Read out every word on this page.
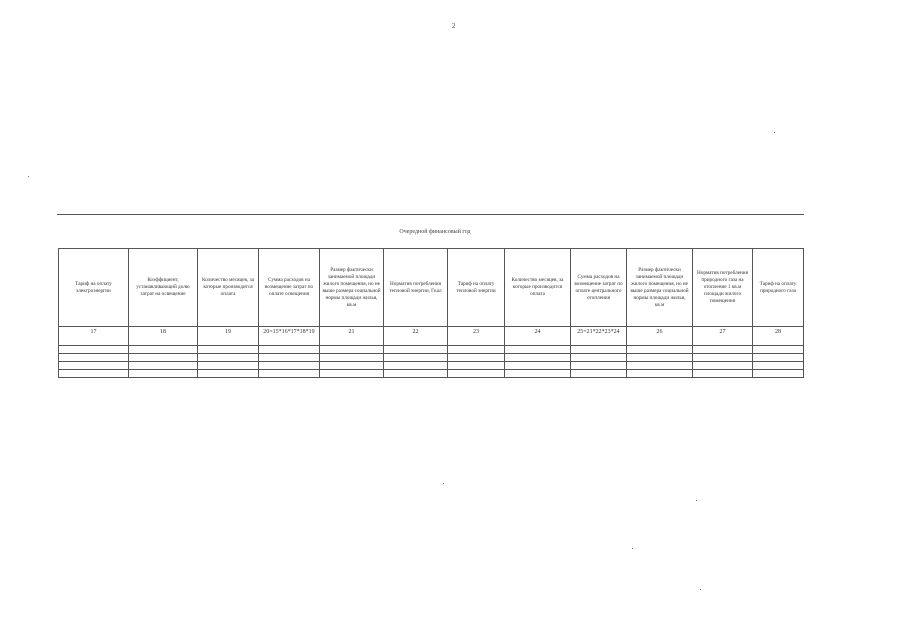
2
Очередной финансовый год
Тариф на оплату электроэнергии	Коэффициент, устанавливающий долю затрат на освещение	Количество месяцев, за которые производится оплата	Сумма расходов на возмещение затрат по оплате освещения	Размер фактически занимаемой площади жилого помещения, но не выше размера социальной нормы площади жилья, кв.м	Норматив потребления тепловой энергии, Гкал	Тариф на оплату тепловой энергии	Количество месяцев, за которые производится оплата	Сумма расходов на возмещение затрат по оплате центрального отопления	Размер фактически занимаемой площади жилого помещения, но не выше размера социальной нормы площади жилья, кв.м	Норматив потребления природного газа на отопление 1 кв.м площади жилого помещения	Тариф на оплату природного газа
17	18	19	20=15*16*17*18*19	21	22	23	24	25=21*22*23*24	26	27	28
